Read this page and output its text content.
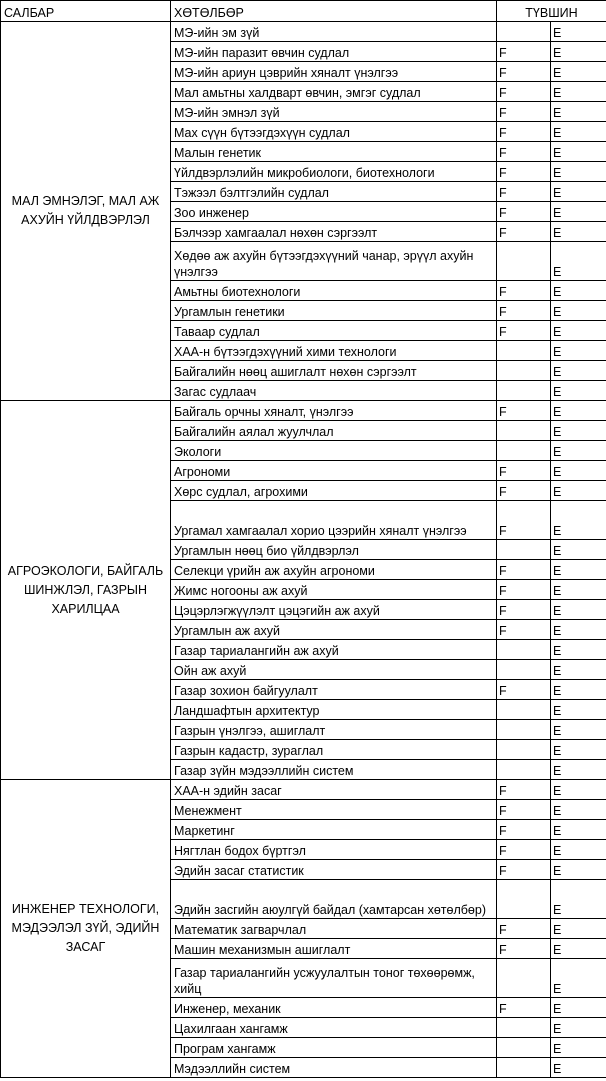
САЛБАР	ХӨТӨЛБӨР	ТҮВШИН	
МАЛ ЭМНЭЛЭГ, МАЛ АЖ АХУЙН ҮЙЛДВЭРЛЭЛ	МЭ-ийн эм зүй		E
	МЭ-ийн паразит өвчин судлал	F	E
	МЭ-ийн ариун цэврийн хяналт үнэлгээ	F	E
	Мал амьтны халдварт өвчин, эмгэг судлал	F	E
	МЭ-ийн эмнэл зүй	F	E
	Мах сүүн бүтээгдэхүүн судлал	F	E
	Малын генетик	F	E
	Үйлдвэрлэлийн микробиологи, биотехнологи	F	E
	Тэжээл бэлтгэлийн судлал	F	E
	Зоо инженер	F	E
	Бэлчээр хамгаалал нөхөн сэргээлт	F	E
	Хөдөө аж ахуйн бүтээгдэхүүний чанар, эрүүл ахуйн үнэлгээ		E
	Амьтны биотехнологи	F	E
	Ургамлын генетики	F	E
	Тавааp судлал	F	E
	ХАА-н бүтээгдэхүүний хими технологи		E
	Байгалийн нөөц ашиглалт нөхөн сэргээлт		E
	Загас судлаач		E
АГРОЭКОЛОГИ, БАЙГАЛЬ ШИНЖЛЭЛ, ГАЗРЫН ХАРИЛЦАА	Байгаль орчны хяналт, үнэлгээ	F	E
	Байгалийн аялал жуулчлал		E
	Экологи		E
	Агрономи	F	E
	Хөрс судлал, агрохими	F	E
	Ургамал хамгаалал хорио цээрийн хяналт үнэлгээ	F	E
	Ургамлын нөөц био үйлдвэрлэл		E
	Селекци үрийн аж ахуйн агрономи	F	E
	Жимс ногооны аж ахуй	F	E
	Цэцэрлэгжүүлэлт цэцэгийн аж ахуй	F	E
	Ургамлын аж ахуй	F	E
	Газар тариалангийн аж ахуй		E
	Ойн аж ахуй		E
	Газар зохион байгуулалт	F	E
	Ландшафтын архитектур		E
	Газрын үнэлгээ, ашиглалт		E
	Газрын кадастр, зураглал		E
	Газар зүйн мэдээллийн систем		E
ИНЖЕНЕР ТЕХНОЛОГИ, МЭДЭЭЛЭЛ ЗҮЙ, ЭДИЙН ЗАСАГ	ХАА-н эдийн засаг	F	E
	Менежмент	F	E
	Маркетинг	F	E
	Нягтлан бодох бүртгэл	F	E
	Эдийн засаг статистик	F	E
	Эдийн засгийн аюулгүй байдал (хамтарсан хөтөлбөр)		E
	Математик загварчлал	F	E
	Машин механизмын ашиглалт	F	E
	Газар тариалангийн усжуулалтын тоног төхөөрөмж, хийц		E
	Инженер, механик	F	E
	Цахилгаан хангамж		E
	Програм хангамж		E
	Мэдээллийн систем		E
